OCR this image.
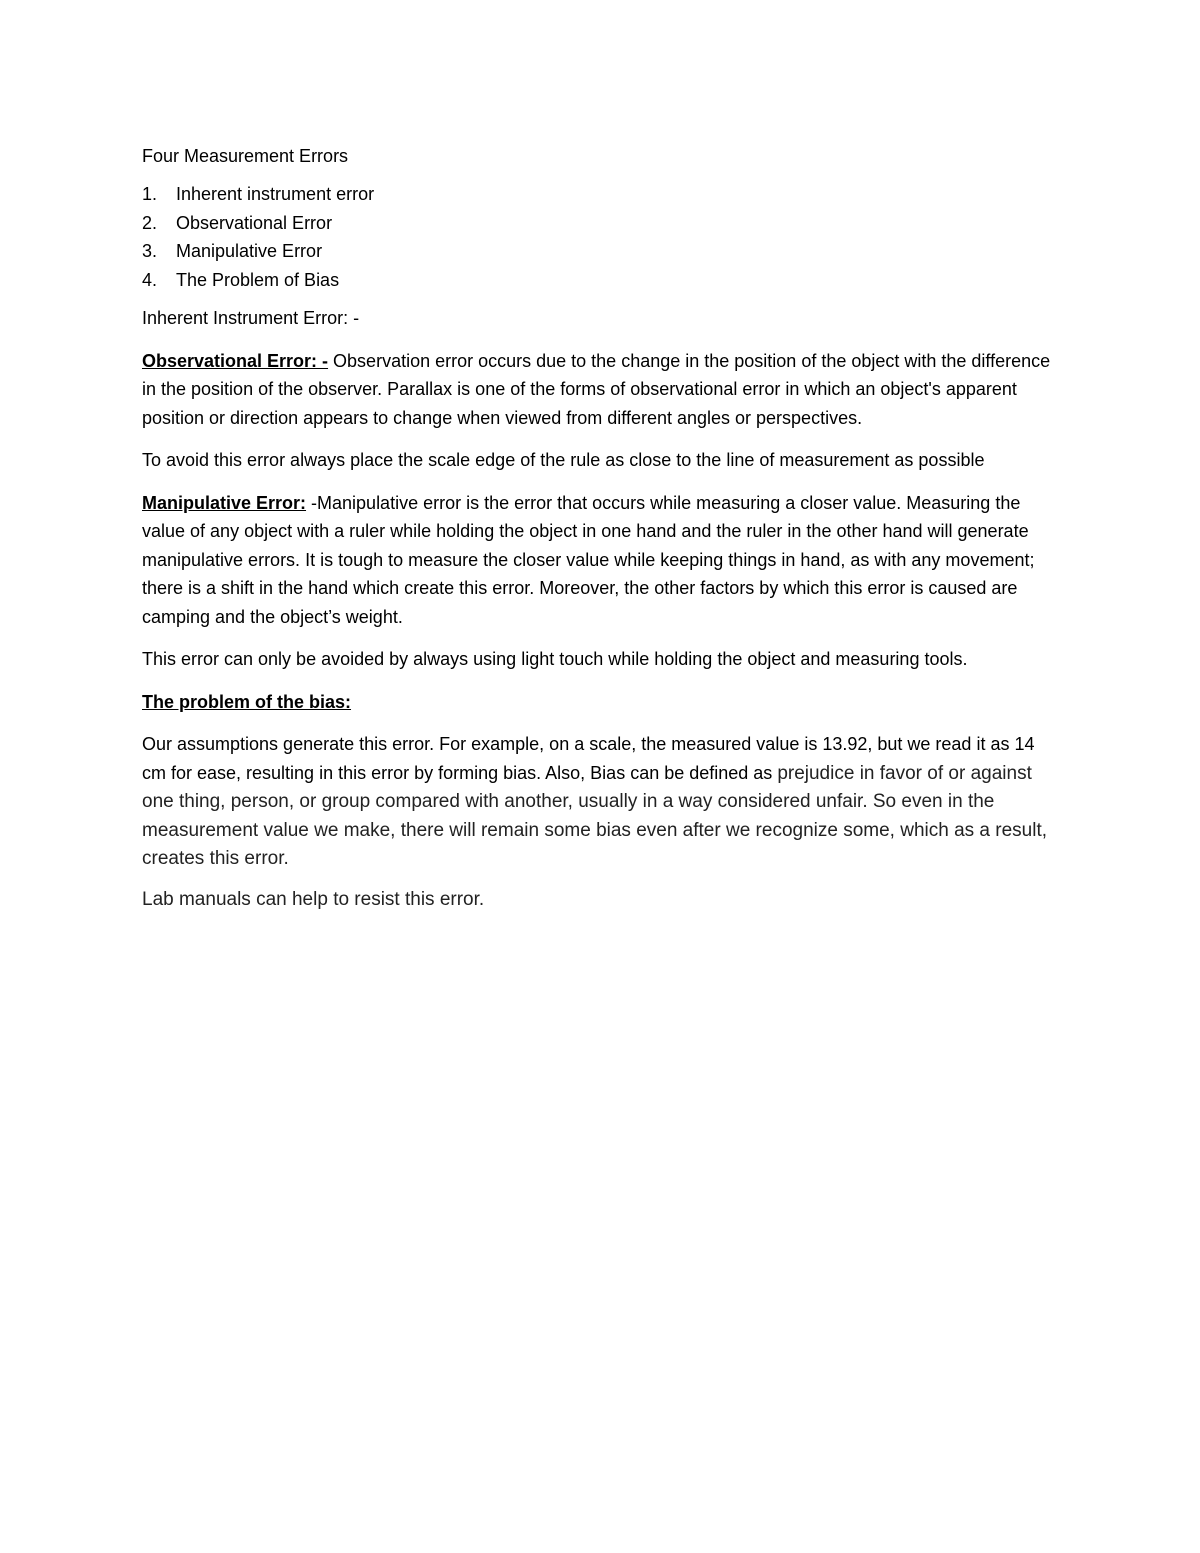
Four Measurement Errors
1.	Inherent instrument error
2.	Observational Error
3.	Manipulative Error
4.	The Problem of Bias

Inherent Instrument Error: -

Observational Error: - Observation error occurs due to the change in the position of the object with the difference in the position of the observer. Parallax is one of the forms of observational error in which an object's apparent position or direction appears to change when viewed from different angles or perspectives.

To avoid this error always place the scale edge of the rule as close to the line of measurement as possible

Manipulative Error: -Manipulative error is the error that occurs while measuring a closer value. Measuring the value of any object with a ruler while holding the object in one hand and the ruler in the other hand will generate manipulative errors. It is tough to measure the closer value while keeping things in hand, as with any movement; there is a shift in the hand which create this error. Moreover, the other factors by which this error is caused are camping and the object’s weight.

This error can only be avoided by always using light touch while holding the object and measuring tools.

The problem of the bias:

Our assumptions generate this error. For example, on a scale, the measured value is 13.92, but we read it as 14 cm for ease, resulting in this error by forming bias. Also, Bias can be defined as prejudice in favor of or against one thing, person, or group compared with another, usually in a way considered unfair. So even in the measurement value we make, there will remain some bias even after we recognize some, which as a result, creates this error.

Lab manuals can help to resist this error.
